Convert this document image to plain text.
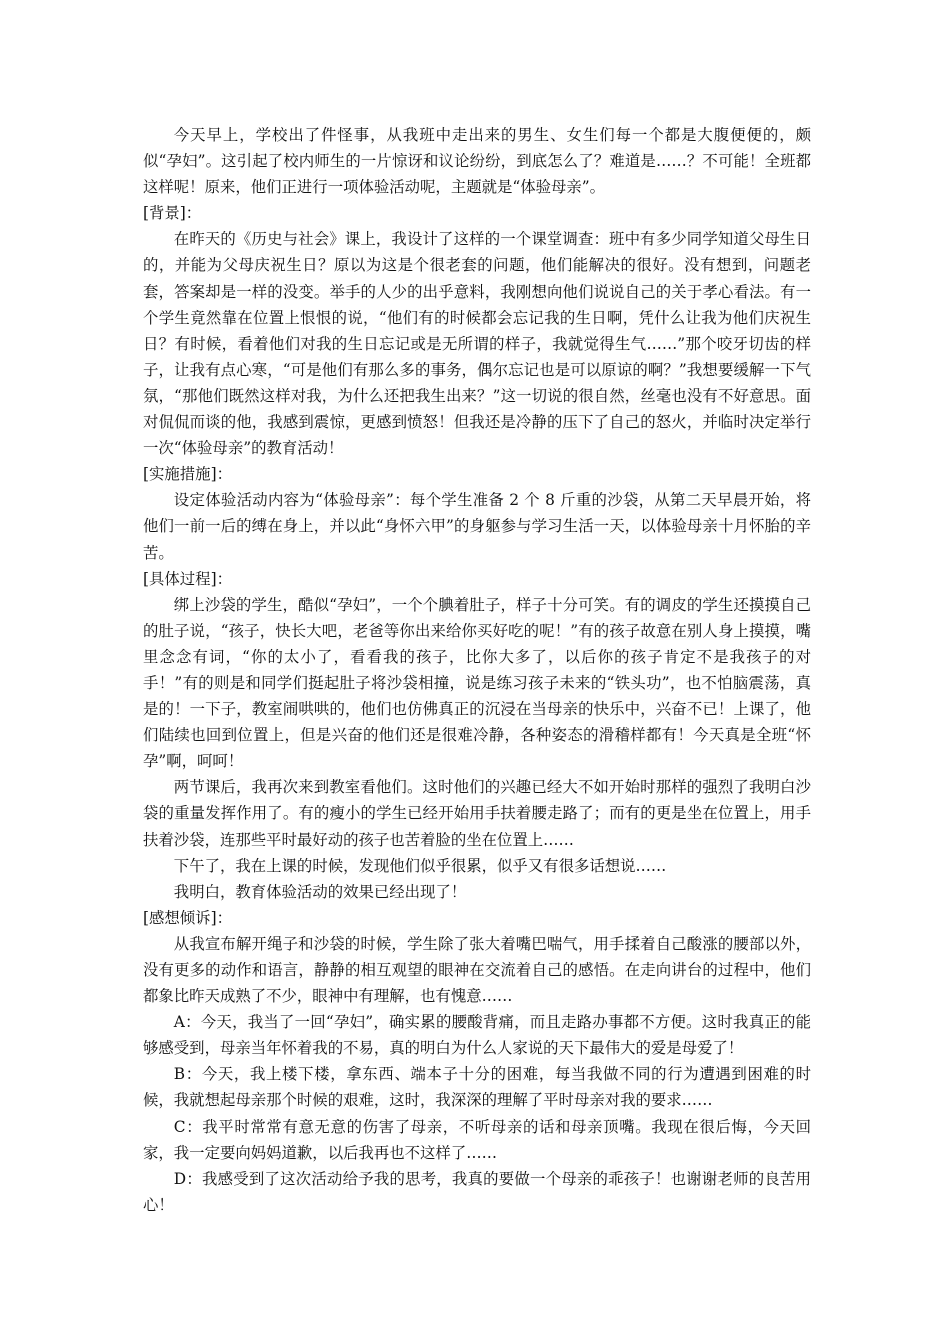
今天早上，学校出了件怪事，从我班中走出来的男生、女生们每一个都是大腹便便的，颇似“孕妇”。这引起了校内师生的一片惊讶和议论纷纷，到底怎么了？难道是……？不可能！全班都这样呢！原来，他们正进行一项体验活动呢，主题就是“体验母亲”。

[背景]：

在昨天的《历史与社会》课上，我设计了这样的一个课堂调查：班中有多少同学知道父母生日的，并能为父母庆祝生日？原以为这是个很老套的问题，他们能解决的很好。没有想到，问题老套，答案却是一样的没变。举手的人少的出乎意料，我刚想向他们说说自己的关于孝心看法。有一个学生竟然靠在位置上恨恨的说，“他们有的时候都会忘记我的生日啊，凭什么让我为他们庆祝生日？有时候，看着他们对我的生日忘记或是无所谓的样子，我就觉得生气……”那个咬牙切齿的样子，让我有点心寒，“可是他们有那么多的事务，偶尔忘记也是可以原谅的啊？”我想要缓解一下气氛，“那他们既然这样对我，为什么还把我生出来？”这一切说的很自然，丝毫也没有不好意思。面对侃侃而谈的他，我感到震惊，更感到愤怒！但我还是冷静的压下了自己的怒火，并临时决定举行一次“体验母亲”的教育活动！

[实施措施]：

设定体验活动内容为“体验母亲”：每个学生准备 2 个 8 斤重的沙袋，从第二天早晨开始，将他们一前一后的缚在身上，并以此“身怀六甲”的身躯参与学习生活一天，以体验母亲十月怀胎的辛苦。

[具体过程]：

绑上沙袋的学生，酷似“孕妇”，一个个腆着肚子，样子十分可笑。有的调皮的学生还摸摸自己的肚子说，“孩子，快长大吧，老爸等你出来给你买好吃的呢！”有的孩子故意在别人身上摸摸，嘴里念念有词，“你的太小了，看看我的孩子，比你大多了，以后你的孩子肯定不是我孩子的对手！”有的则是和同学们挺起肚子将沙袋相撞，说是练习孩子未来的“铁头功”，也不怕脑震荡，真是的！一下子，教室闹哄哄的，他们也仿佛真正的沉浸在当母亲的快乐中，兴奋不已！上课了，他们陆续也回到位置上，但是兴奋的他们还是很难冷静，各种姿态的滑稽样都有！今天真是全班“怀孕”啊，呵呵！

两节课后，我再次来到教室看他们。这时他们的兴趣已经大不如开始时那样的强烈了我明白沙袋的重量发挥作用了。有的瘦小的学生已经开始用手扶着腰走路了；而有的更是坐在位置上，用手扶着沙袋，连那些平时最好动的孩子也苦着脸的坐在位置上……

下午了，我在上课的时候，发现他们似乎很累，似乎又有很多话想说……

我明白，教育体验活动的效果已经出现了！

[感想倾诉]：

从我宣布解开绳子和沙袋的时候，学生除了张大着嘴巴喘气，用手揉着自己酸涨的腰部以外，没有更多的动作和语言，静静的相互观望的眼神在交流着自己的感悟。在走向讲台的过程中，他们都象比昨天成熟了不少，眼神中有理解，也有愧意……

A：今天，我当了一回“孕妇”，确实累的腰酸背痛，而且走路办事都不方便。这时我真正的能够感受到，母亲当年怀着我的不易，真的明白为什么人家说的天下最伟大的爱是母爱了！

B：今天，我上楼下楼，拿东西、端本子十分的困难，每当我做不同的行为遭遇到困难的时候，我就想起母亲那个时候的艰难，这时，我深深的理解了平时母亲对我的要求……

C：我平时常常有意无意的伤害了母亲，不听母亲的话和母亲顶嘴。我现在很后悔，今天回家，我一定要向妈妈道歉，以后我再也不这样了……

D：我感受到了这次活动给予我的思考，我真的要做一个母亲的乖孩子！也谢谢老师的良苦用心！
